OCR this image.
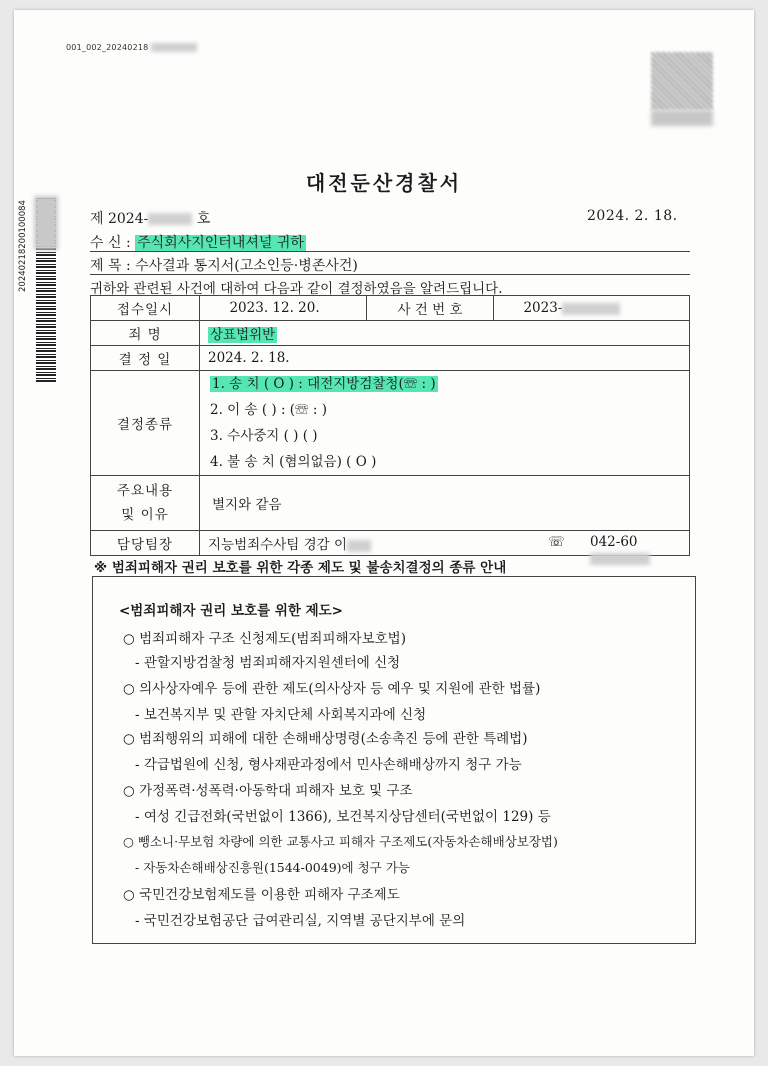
001_002_20240218
20240218200100084
대전둔산경찰서
제 2024-	호	2024. 2. 18.
수 신 : 주식회사지인터내셔널 귀하
제 목 : 수사결과 통지서(고소인등·병존사건)
귀하와 관련된 사건에 대하여 다음과 같이 결정하였음을 알려드립니다.
접수일시	2023. 12. 20.	사 건 번 호	2023-
죄 명	상표법위반		
결 정 일	2024. 2. 18.		
결정종류	1. 송 치 ( O ) : 대전지방검찰청(☏ : )
2. 이 송 ( ) : (☏ : )
3. 수사중지 ( ) ( )
4. 불 송 치 (혐의없음) ( O )		

주요내용
및 이유	별지와 같음		
담당팀장	지능범죄수사팀 경감 이 ☏ 042-60		
※ 범죄피해자 권리 보호를 위한 각종 제도 및 불송치결정의 종류 안내
<범죄피해자 권리 보호를 위한 제도>
○ 범죄피해자 구조 신청제도(범죄피해자보호법)
- 관할지방검찰청 범죄피해자지원센터에 신청
○ 의사상자예우 등에 관한 제도(의사상자 등 예우 및 지원에 관한 법률)
- 보건복지부 및 관할 자치단체 사회복지과에 신청
○ 범죄행위의 피해에 대한 손해배상명령(소송촉진 등에 관한 특례법)
- 각급법원에 신청, 형사재판과정에서 민사손해배상까지 청구 가능
○ 가정폭력·성폭력·아동학대 피해자 보호 및 구조
- 여성 긴급전화(국번없이 1366), 보건복지상담센터(국번없이 129) 등
○ 뺑소니·무보험 차량에 의한 교통사고 피해자 구조제도(자동차손해배상보장법)
- 자동차손해배상진흥원(1544-0049)에 청구 가능
○ 국민건강보험제도를 이용한 피해자 구조제도
- 국민건강보험공단 급여관리실, 지역별 공단지부에 문의
